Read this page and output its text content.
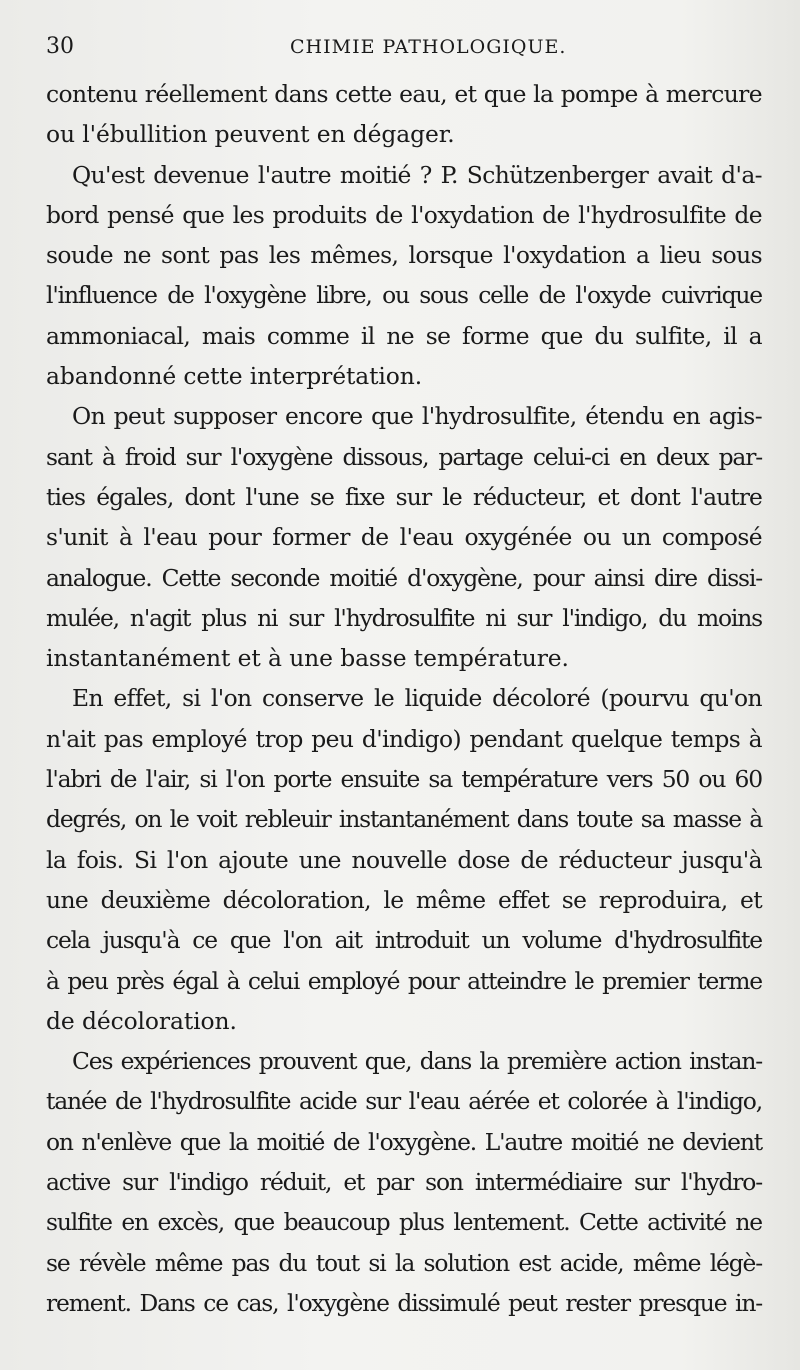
30	CHIMIE PATHOLOGIQUE.
contenu réellement dans cette eau, et que la pompe à mercure
ou l'ébullition peuvent en dégager.
Qu'est devenue l'autre moitié ? P. Schützenberger avait d'a-
bord pensé que les produits de l'oxydation de l'hydrosulfite de
soude ne sont pas les mêmes, lorsque l'oxydation a lieu sous
l'influence de l'oxygène libre, ou sous celle de l'oxyde cuivrique
ammoniacal, mais comme il ne se forme que du sulfite, il a
abandonné cette interprétation.
On peut supposer encore que l'hydrosulfite, étendu en agis-
sant à froid sur l'oxygène dissous, partage celui-ci en deux par-
ties égales, dont l'une se fixe sur le réducteur, et dont l'autre
s'unit à l'eau pour former de l'eau oxygénée ou un composé
analogue. Cette seconde moitié d'oxygène, pour ainsi dire dissi-
mulée, n'agit plus ni sur l'hydrosulfite ni sur l'indigo, du moins
instantanément et à une basse température.
En effet, si l'on conserve le liquide décoloré (pourvu qu'on
n'ait pas employé trop peu d'indigo) pendant quelque temps à
l'abri de l'air, si l'on porte ensuite sa température vers 50 ou 60
degrés, on le voit rebleuir instantanément dans toute sa masse à
la fois. Si l'on ajoute une nouvelle dose de réducteur jusqu'à
une deuxième décoloration, le même effet se reproduira, et
cela jusqu'à ce que l'on ait introduit un volume d'hydrosulfite
à peu près égal à celui employé pour atteindre le premier terme
de décoloration.
Ces expériences prouvent que, dans la première action instan-
tanée de l'hydrosulfite acide sur l'eau aérée et colorée à l'indigo,
on n'enlève que la moitié de l'oxygène. L'autre moitié ne devient
active sur l'indigo réduit, et par son intermédiaire sur l'hydro-
sulfite en excès, que beaucoup plus lentement. Cette activité ne
se révèle même pas du tout si la solution est acide, même légè-
rement. Dans ce cas, l'oxygène dissimulé peut rester presque in-
